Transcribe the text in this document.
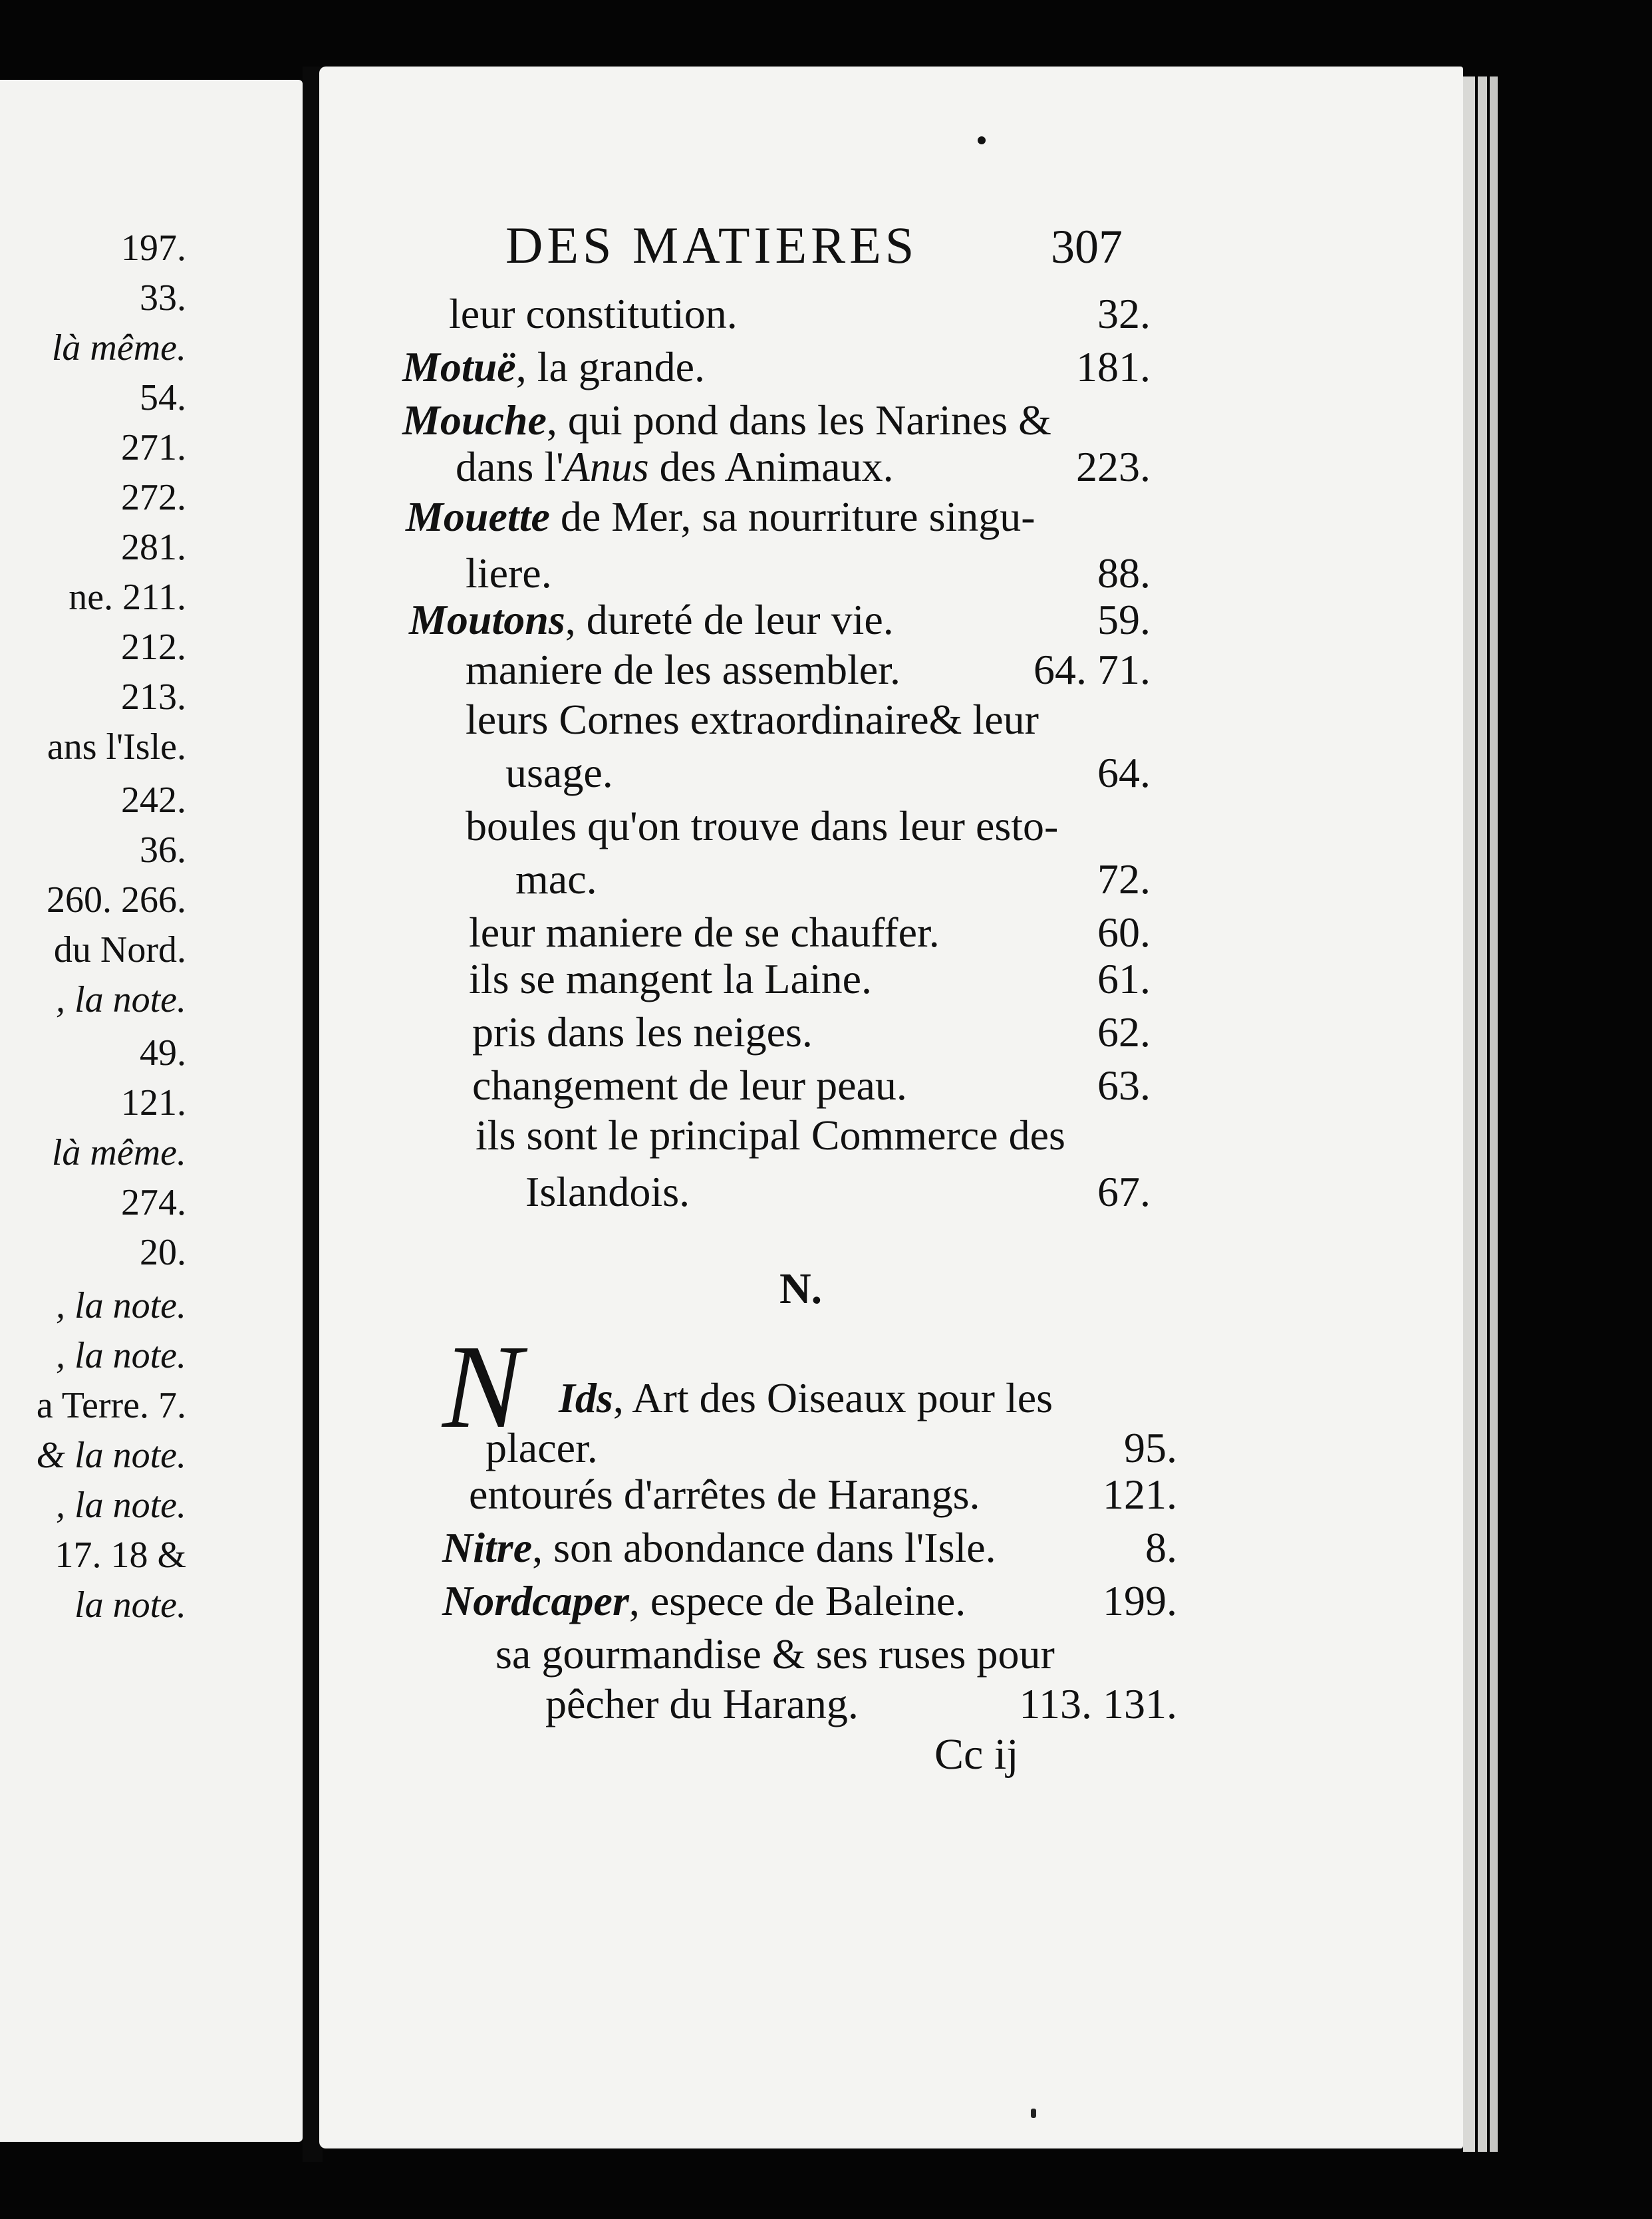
197.
33.
là même.
54.
271.
272.
281.
ne. 211.
212.
213.
ans l'Isle.
242.
36.
260. 266.
du Nord.
, la note.
49.
121.
là même.
274.
20.
, la note.
, la note.
a Terre. 7.
& la note.
, la note.
17. 18 &
la note.
DES MATIERES	307
leur constitution.	32.
Motuë, la grande.	181.
Mouche, qui pond dans les Narines &
dans l'Anus des Animaux.	223.
Mouette de Mer, sa nourriture singu-
liere.	88.
Moutons, dureté de leur vie.	59.
maniere de les assembler.	64. 71.
leurs Cornes extraordinaire& leur
usage.	64.
boules qu'on trouve dans leur esto-
mac.	72.
leur maniere de se chauffer.	60.
ils se mangent la Laine.	61.
pris dans les neiges.	62.
changement de leur peau.	63.
ils sont le principal Commerce des
Islandois.	67.
N.
N Ids, Art des Oiseaux pour les
placer.	95.
entourés d'arrêtes de Harangs.	121.
Nitre, son abondance dans l'Isle.	8.
Nordcaper, espece de Baleine.	199.
sa gourmandise & ses ruses pour
pêcher du Harang.	113. 131.
Cc ij
